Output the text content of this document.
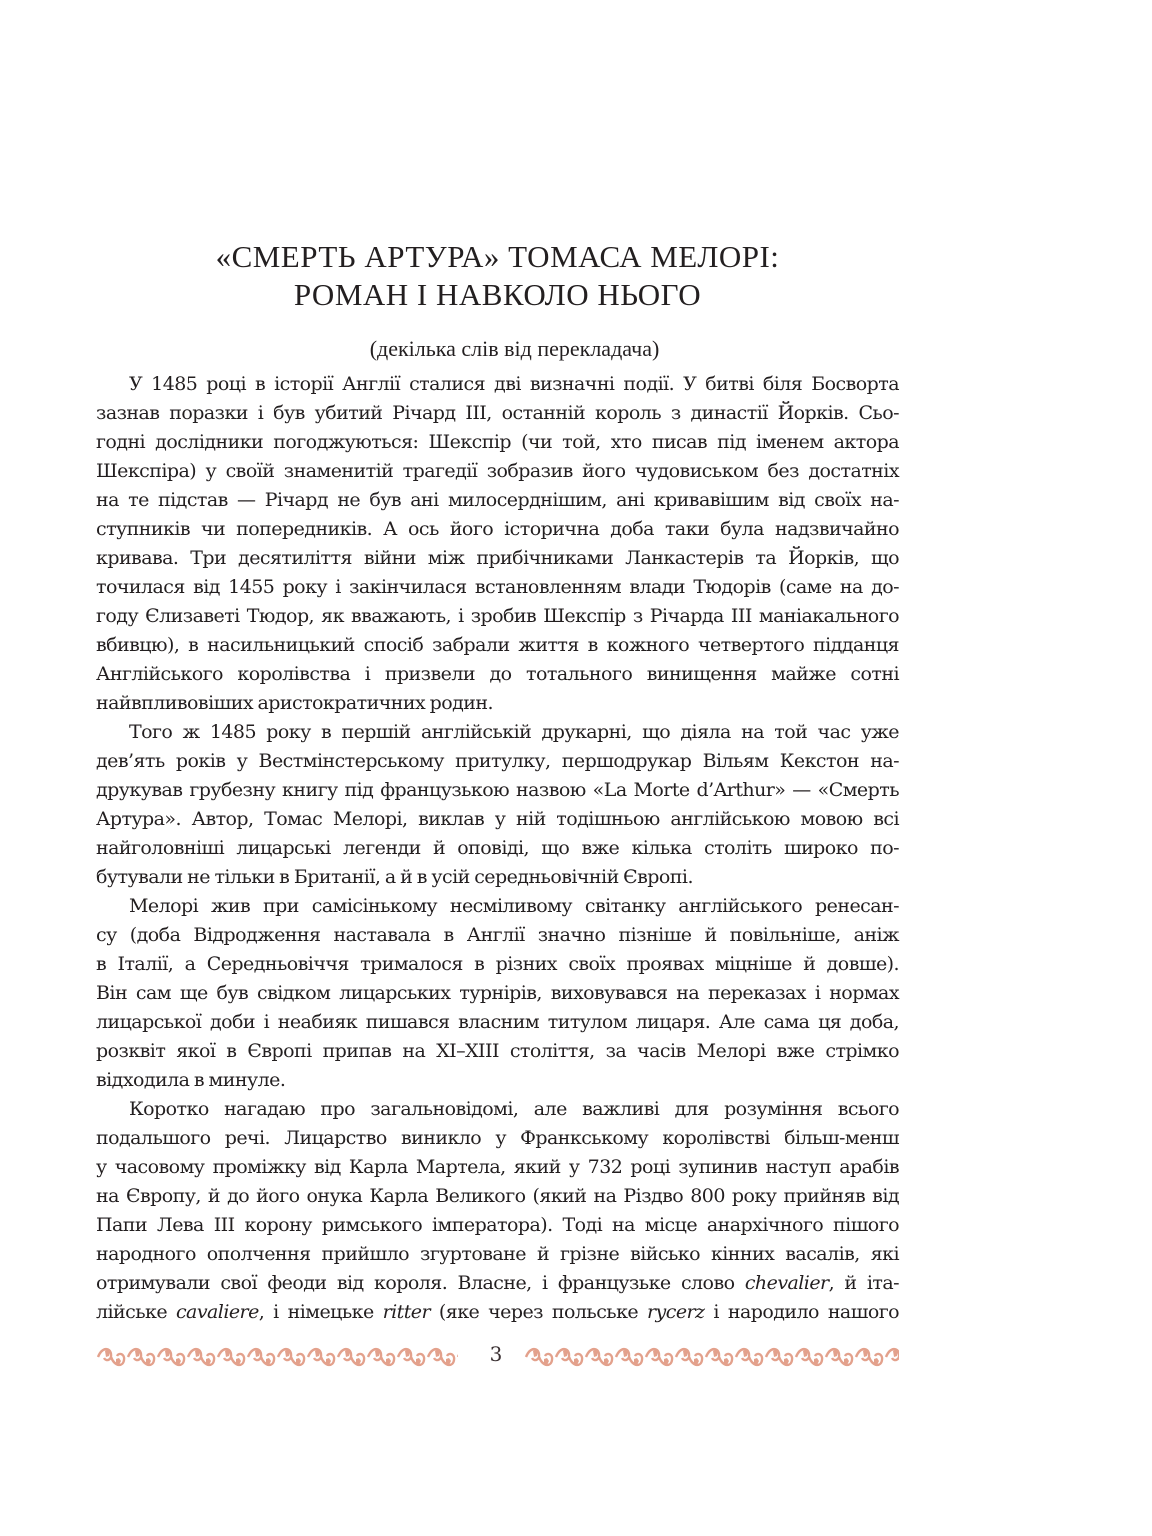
«СМЕРТЬ АРТУРА» ТОМАСА МЕЛОРІ:
РОМАН І НАВКОЛО НЬОГО
(декілька слів від перекладача)
У 1485 році в історії Англії сталися дві визначні події. У битві біля Босворта
зазнав поразки і був убитий Річард ІІІ, останній король з династії Йорків. Сьо-
годні дослідники погоджуються: Шекспір (чи той, хто писав під іменем актора
Шекспіра) у своїй знаменитій трагедії зобразив його чудовиськом без достатніх
на те підстав — Річард не був ані милосерднішим, ані кривавішим від своїх на-
ступників чи попередників. А ось його історична доба таки була надзвичайно
кривава. Три десятиліття війни між прибічниками Ланкастерів та Йорків, що
точилася від 1455 року і закінчилася встановленням влади Тюдорів (саме на до-
году Єлизаветі Тюдор, як вважають, і зробив Шекспір з Річарда ІІІ маніакального
вбивцю), в насильницький спосіб забрали життя в кожного четвертого підданця
Англійського королівства і призвели до тотального винищення майже сотні
найвпливовіших аристократичних родин.
Того ж 1485 року в першій англійській друкарні, що діяла на той час уже
дев’ять років у Вестмінстерському притулку, першодрукар Вільям Кекстон на-
друкував грубезну книгу під французькою назвою «La Morte d’Arthur» — «Смерть
Артура». Автор, Томас Мелорі, виклав у ній тодішньою англійською мовою всі
найголовніші лицарські легенди й оповіді, що вже кілька століть широко по-
бутували не тільки в Британії, а й в усій середньовічній Європі.
Мелорі жив при самісінькому несміливому світанку англійського ренесан-
су (доба Відродження наставала в Англії значно пізніше й повільніше, аніж
в Італії, а Середньовіччя трималося в різних своїх проявах міцніше й довше).
Він сам ще був свідком лицарських турнірів, виховувався на переказах і нормах
лицарської доби і неабияк пишався власним титулом лицаря. Але сама ця доба,
розквіт якої в Європі припав на XI–XIII століття, за часів Мелорі вже стрімко
відходила в минуле.
Коротко нагадаю про загальновідомі, але важливі для розуміння всього
подальшого речі. Лицарство виникло у Франкському королівстві більш-менш
у часовому проміжку від Карла Мартела, який у 732 році зупинив наступ арабів
на Європу, й до його онука Карла Великого (який на Різдво 800 року прийняв від
Папи Лева ІІІ корону римського імператора). Тоді на місце анархічного пішого
народного ополчення прийшло згуртоване й грізне військо кінних васалів, які
отримували свої феоди від короля. Власне, і французьке слово chevalier, й іта-
лійське cavaliere, і німецьке ritter (яке через польське rycerz і народило нашого
3
